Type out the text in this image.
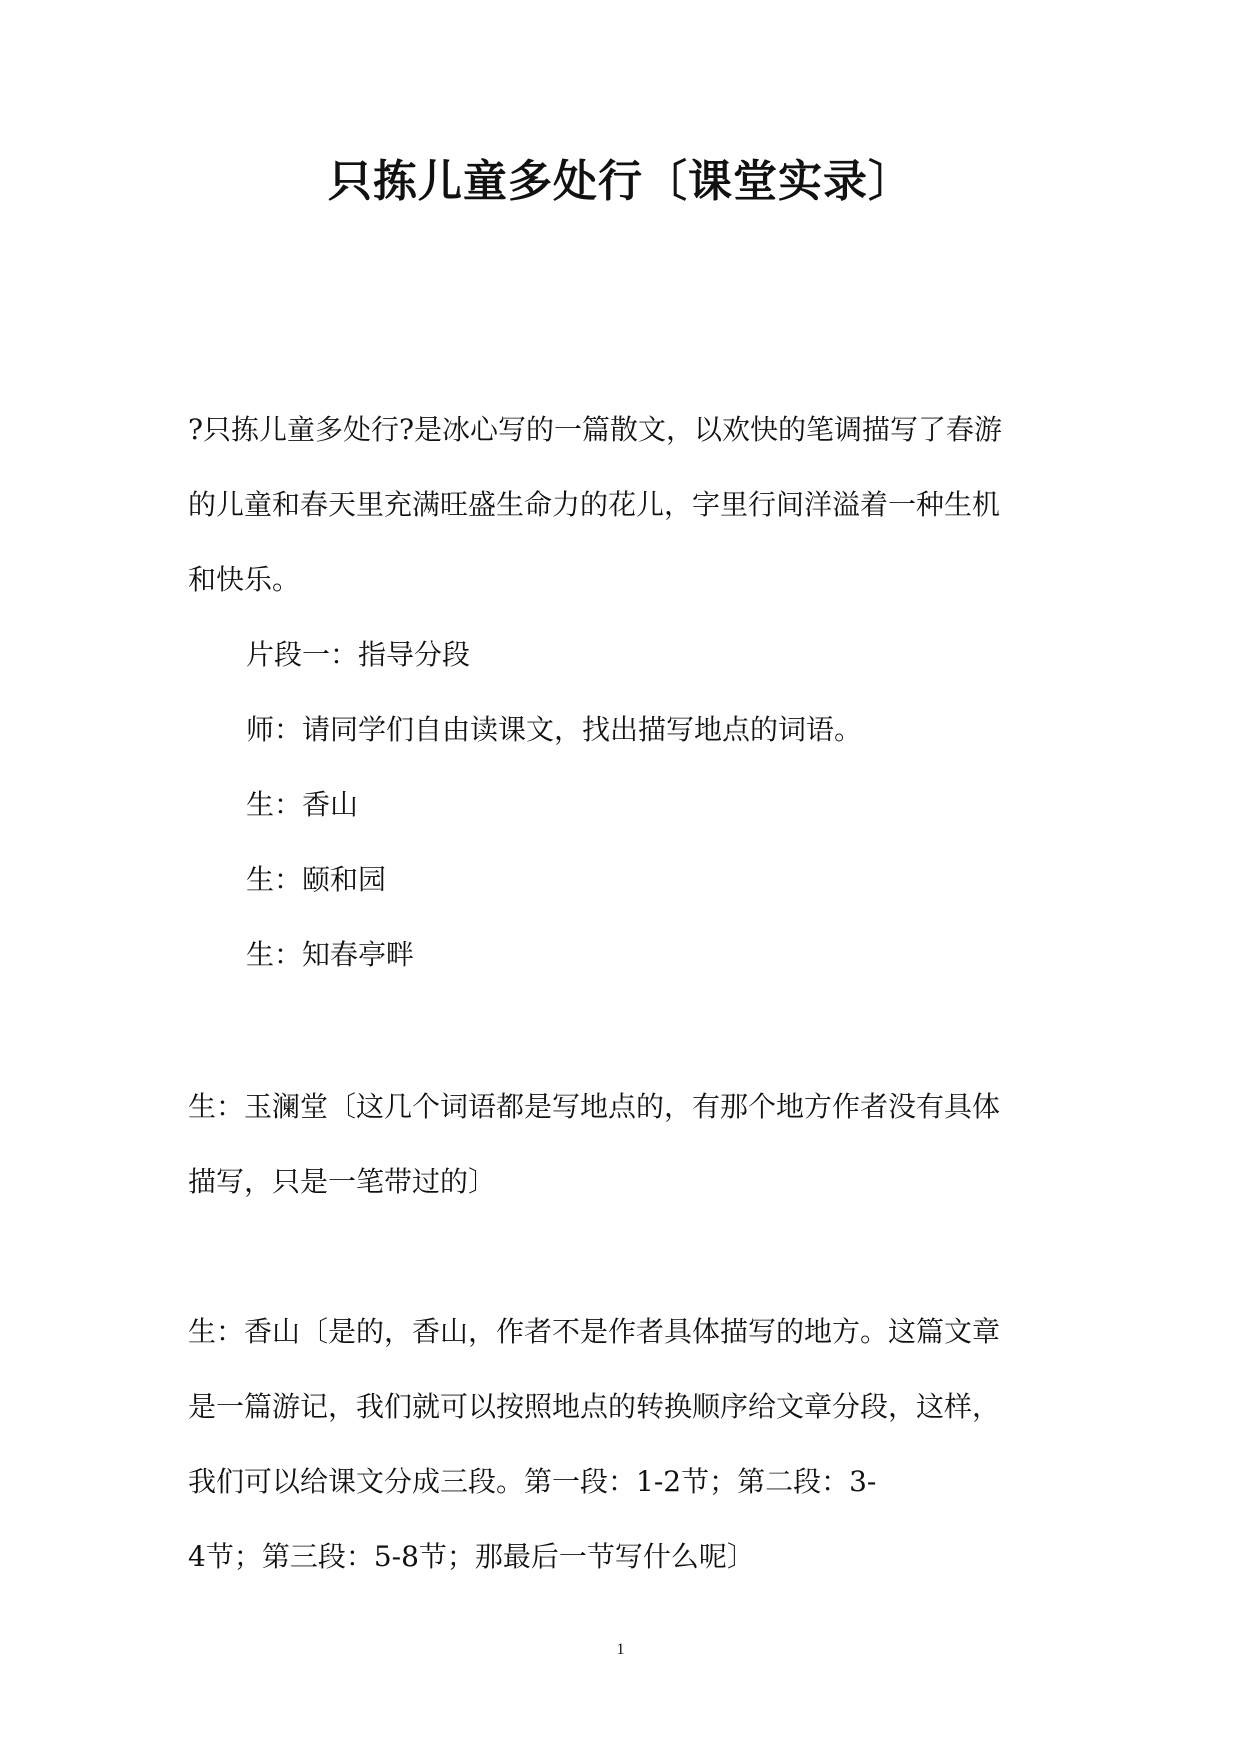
只拣儿童多处行〔课堂实录〕
?只拣儿童多处行?是冰心写的一篇散文，以欢快的笔调描写了春游
的儿童和春天里充满旺盛生命力的花儿，字里行间洋溢着一种生机
和快乐。
片段一：指导分段
师：请同学们自由读课文，找出描写地点的词语。
生：香山
生：颐和园
生：知春亭畔
生：玉澜堂〔这几个词语都是写地点的，有那个地方作者没有具体
描写，只是一笔带过的〕
生：香山〔是的，香山，作者不是作者具体描写的地方。这篇文章
是一篇游记，我们就可以按照地点的转换顺序给文章分段，这样，
我们可以给课文分成三段。第一段：1-2节；第二段：3-
4节；第三段：5-8节；那最后一节写什么呢〕
1
